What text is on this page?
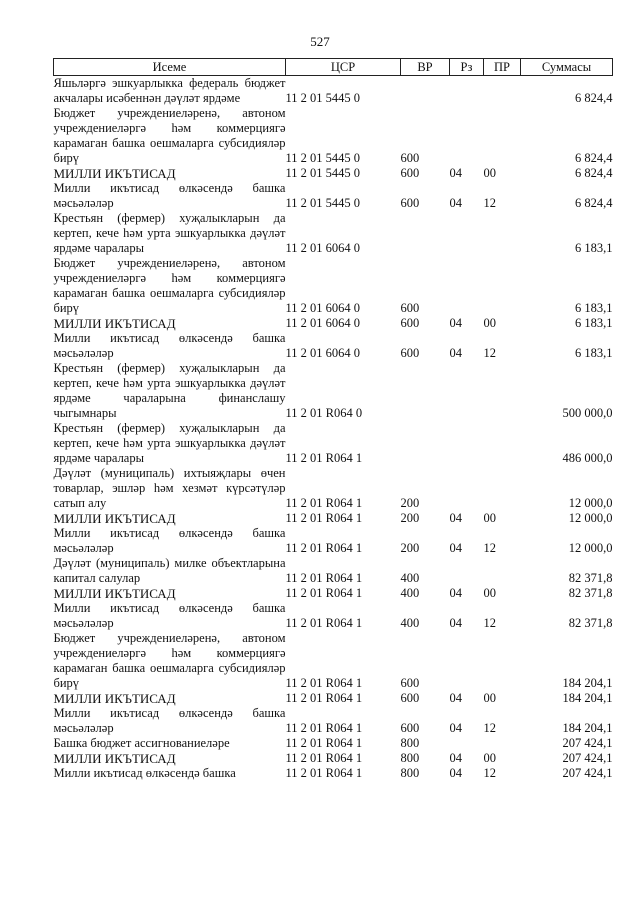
527
Исеме	ЦСР	ВР	Рз	ПР	Суммасы
Яшьләргә эшкуарлыкка федераль бюджет акчалары исәбеннән дәүләт ярдәме	11 2 01 5445 0				6 824,4
Бюджет учреждениеләренә, автоном учреждениеләргә һәм коммерциягә карамаган башка оешмаларга субсидияләр бирү	11 2 01 5445 0	600			6 824,4
МИЛЛИ ИКЪТИСАД	11 2 01 5445 0	600	04	00	6 824,4
Милли икътисад өлкәсендә башка мәсьәләләр	11 2 01 5445 0	600	04	12	6 824,4
Крестьян (фермер) хуҗалыкларын да кертеп, кече һәм урта эшкуарлыкка дәүләт ярдәме чаралары	11 2 01 6064 0				6 183,1
Бюджет учреждениеләренә, автоном учреждениеләргә һәм коммерциягә карамаган башка оешмаларга субсидияләр бирү	11 2 01 6064 0	600			6 183,1
МИЛЛИ ИКЪТИСАД	11 2 01 6064 0	600	04	00	6 183,1
Милли икътисад өлкәсендә башка мәсьәләләр	11 2 01 6064 0	600	04	12	6 183,1
Крестьян (фермер) хуҗалыкларын да кертеп, кече һәм урта эшкуарлыкка дәүләт ярдәме чараларына финанслашу чыгымнары	11 2 01 R064 0				500 000,0
Крестьян (фермер) хуҗалыкларын да кертеп, кече һәм урта эшкуарлыкка дәүләт ярдәме чаралары	11 2 01 R064 1				486 000,0
Дәүләт (муниципаль) ихтыяҗлары өчен товарлар, эшләр һәм хезмәт күрсәтүләр сатып алу	11 2 01 R064 1	200			12 000,0
МИЛЛИ ИКЪТИСАД	11 2 01 R064 1	200	04	00	12 000,0
Милли икътисад өлкәсендә башка мәсьәләләр	11 2 01 R064 1	200	04	12	12 000,0
Дәүләт (муниципаль) милке объектларына капитал салулар	11 2 01 R064 1	400			82 371,8
МИЛЛИ ИКЪТИСАД	11 2 01 R064 1	400	04	00	82 371,8
Милли икътисад өлкәсендә башка мәсьәләләр	11 2 01 R064 1	400	04	12	82 371,8
Бюджет учреждениеләренә, автоном учреждениеләргә һәм коммерциягә карамаган башка оешмаларга субсидияләр бирү	11 2 01 R064 1	600			184 204,1
МИЛЛИ ИКЪТИСАД	11 2 01 R064 1	600	04	00	184 204,1
Милли икътисад өлкәсендә башка мәсьәләләр	11 2 01 R064 1	600	04	12	184 204,1
Башка бюджет ассигнованиеләре	11 2 01 R064 1	800			207 424,1
МИЛЛИ ИКЪТИСАД	11 2 01 R064 1	800	04	00	207 424,1
Милли икътисад өлкәсендә башка	11 2 01 R064 1	800	04	12	207 424,1
